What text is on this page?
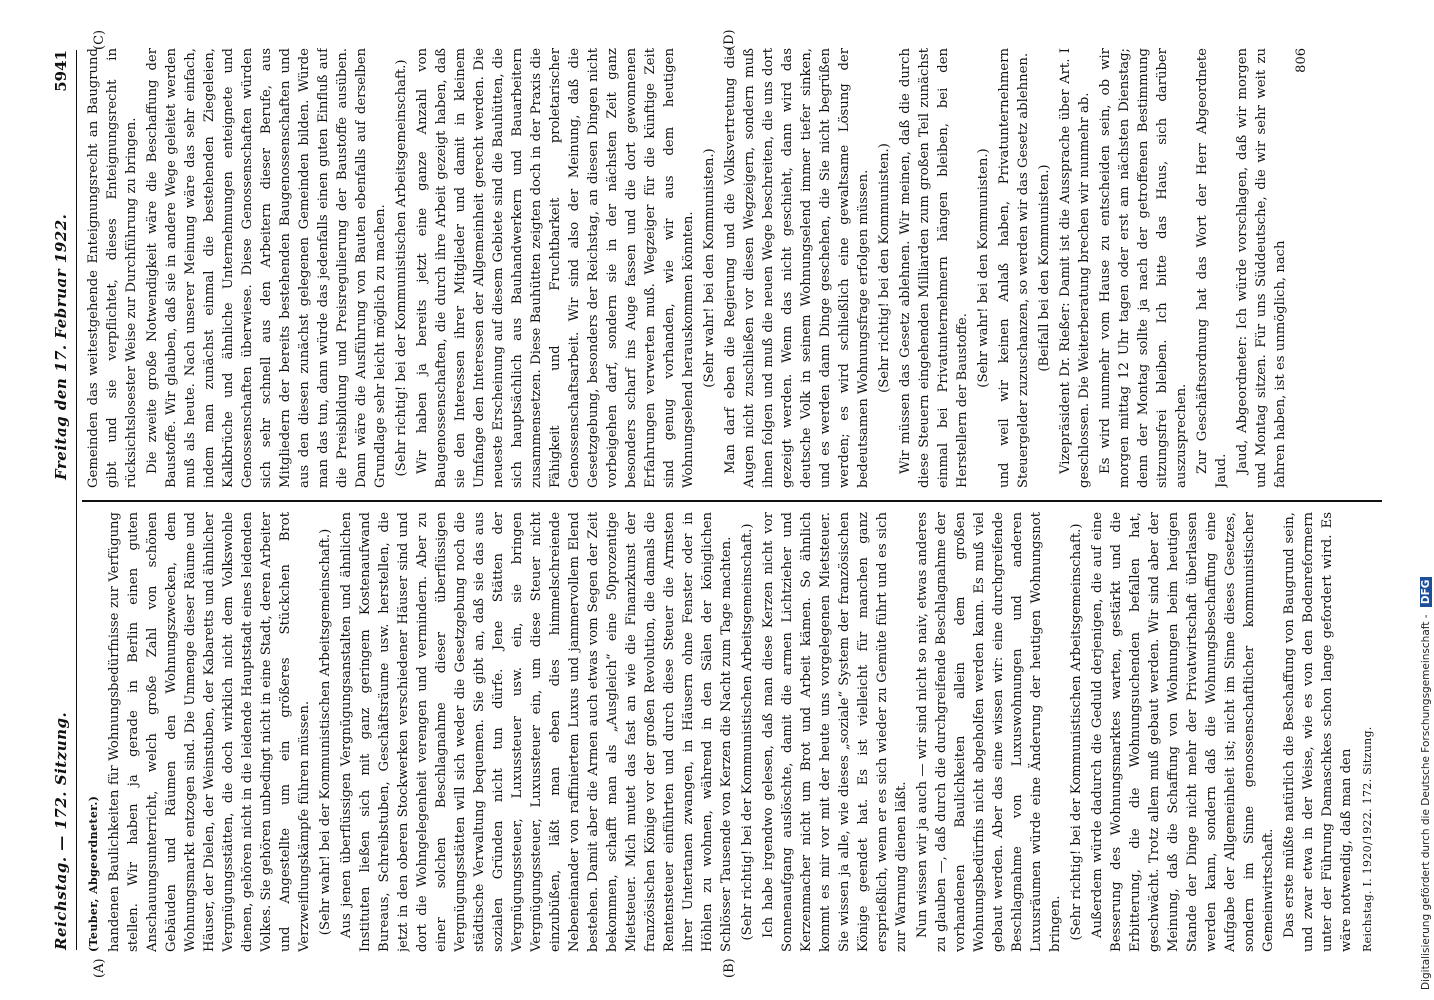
Reichstag. — 172. Sitzung.
Freitag den 17. Februar 1922.
5941
(A)	(B)
(C)	(D)

(Teuber, Abgeordneter.) handenen Baulichkeiten für Wohnungsbedürfnisse zur Verfügung stellen. Wir haben ja gerade in Berlin einen guten Anschauungsunterricht, welch große Zahl von schönen Gebäuden und Räumen den Wohnungszwecken, dem Wohnungsmarkt entzogen sind. Die Unmenge dieser Räume und Häuser, der Dielen, der Weinstuben, der Kabaretts und ähnlicher Vergnügungsstätten, die doch wirklich nicht dem Volkswohle dienen, gehören nicht in die leidende Hauptstadt eines leidenden Volkes. Sie gehören unbedingt nicht in eine Stadt, deren Arbeiter und Angestellte um ein größeres Stückchen Brot Verzweiflungskämpfe führen müssen. (Sehr wahr! bei der Kommunistischen Arbeitsgemeinschaft.) Aus jenen überflüssigen Vergnügungsanstalten und ähnlichen Instituten ließen sich mit ganz geringem Kostenaufwand Bureaus, Schreibstuben, Geschäftsräume usw. herstellen, die jetzt in den oberen Stockwerken verschiedener Häuser sind und dort die Wohngelegenheit verengen und vermindern. Aber zu einer solchen Beschlagnahme dieser überflüssigen Vergnügungsstätten will sich weder die Gesetzgebung noch die städtische Verwaltung bequemen. Sie gibt an, daß sie das aus sozialen Gründen nicht tun dürfe. Jene Stätten der Vergnügungssteuer, Luxussteuer usw. ein, sie bringen Vergnügungssteuer, Luxussteuer ein, um diese Steuer nicht einzubüßen, läßt man eben dies himmelschreiende Nebeneinander von raffiniertem Luxus und jammervollem Elend bestehen. Damit aber die Armen auch etwas vom Segen der Zeit bekommen, schafft man als „Ausgleich“ eine 50prozentige Mietsteuer. Mich mutet das fast an wie die Finanzkunst der französischen Könige vor der großen Revolution, die damals die Rentensteuer einführten und durch diese Steuer die Armsten ihrer Untertanen zwangen, in Häusern ohne Fenster oder in Höhlen zu wohnen, während in den Sälen der königlichen Schlösser Tausende von Kerzen die Nacht zum Tage machten. (Sehr richtig! bei der Kommunistischen Arbeitsgemeinschaft.) Ich habe irgendwo gelesen, daß man diese Kerzen nicht vor Sonnenaufgang auslöschte, damit die armen Lichtzieher und Kerzenmacher nicht um Brot und Arbeit kämen. So ähnlich kommt es mir vor mit der heute uns vorgelegenen Mietsteuer. Sie wissen ja alle, wie dieses „soziale“ System der französischen Könige geendet hat. Es ist vielleicht für manchen ganz ersprießlich, wenn er es sich wieder zu Gemüte führt und es sich zur Warnung dienen läßt. Nun wissen wir ja auch — wir sind nicht so naiv, etwas anderes zu glauben —, daß durch die durchgreifende Beschlagnahme der vorhandenen Baulichkeiten allein dem großen Wohnungsbedürfnis nicht abgeholfen werden kann. Es muß viel gebaut werden. Aber das eine wissen wir: eine durchgreifende Beschlagnahme von Luxuswohnungen und anderen Luxusräumen würde eine Änderung der heutigen Wohnungsnot bringen. (Sehr richtig! bei der Kommunistischen Arbeitsgemeinschaft.) Außerdem würde dadurch die Geduld derjenigen, die auf eine Besserung des Wohnungsmarktes warten, gestärkt und die Erbitterung, die die Wohnungsuchenden befallen hat, geschwächt. Trotz allem muß gebaut werden. Wir sind aber der Meinung, daß die Schaffung von Wohnungen beim heutigen Stande der Dinge nicht mehr der Privatwirtschaft überlassen werden kann, sondern daß die Wohnungsbeschaffung eine Aufgabe der Allgemeinheit ist; nicht im Sinne dieses Gesetzes, sondern im Sinne genossenschaftlicher kommunistischer Gemeinwirtschaft. Das erste müßte natürlich die Beschaffung von Baugrund sein, und zwar etwa in der Weise, wie es von den Bodenreformern unter der Führung Damaschkes schon lange gefordert wird. Es wäre notwendig, daß man den Reichstag. I. 1920/1922. 172. Sitzung.

Gemeinden das weitestgehende Enteignungsrecht an Baugrund gibt und sie verpflichtet, dieses Enteignungsrecht in rücksichtslosester Weise zur Durchführung zu bringen. Die zweite große Notwendigkeit wäre die Beschaffung der Baustoffe. Wir glauben, daß sie in andere Wege geleitet werden muß als heute. Nach unserer Meinung wäre das sehr einfach, indem man zunächst einmal die bestehenden Ziegeleien, Kalkbrüche und ähnliche Unternehmungen enteignete und Genossenschaften überwiese. Diese Genossenschaften würden sich sehr schnell aus den Arbeitern dieser Berufe, aus Mitgliedern der bereits bestehenden Baugenossenschaften und aus den diesen zunächst gelegenen Gemeinden bilden. Würde man das tun, dann würde das jedenfalls einen guten Einfluß auf die Preisbildung und Preisregulierung der Baustoffe ausüben. Dann wäre die Ausführung von Bauten ebenfalls auf derselben Grundlage sehr leicht möglich zu machen. (Sehr richtig! bei der Kommunistischen Arbeitsgemeinschaft.) Wir haben ja bereits jetzt eine ganze Anzahl von Baugenossenschaften, die durch ihre Arbeit gezeigt haben, daß sie den Interessen ihrer Mitglieder und damit in kleinem Umfange den Interessen der Allgemeinheit gerecht werden. Die neueste Erscheinung auf diesem Gebiete sind die Bauhütten, die sich hauptsächlich aus Bauhandwerkern und Bauarbeitern zusammensetzen. Diese Bauhütten zeigten doch in der Praxis die Fähigkeit und Fruchtbarkeit proletarischer Genossenschaftsarbeit. Wir sind also der Meinung, daß die Gesetzgebung, besonders der Reichstag, an diesen Dingen nicht vorbeigehen darf, sondern sie in der nächsten Zeit ganz besonders scharf ins Auge fassen und die dort gewonnenen Erfahrungen verwerten muß. Wegzeiger für die künftige Zeit sind genug vorhanden, wie wir aus dem heutigen Wohnungselend herauskommen könnten. (Sehr wahr! bei den Kommunisten.) Man darf eben die Regierung und die Volksvertretung die Augen nicht zuschließen vor diesen Wegzeigern, sondern muß ihnen folgen und muß die neuen Wege beschreiten, die uns dort gezeigt werden. Wenn das nicht geschieht, dann wird das deutsche Volk in seinem Wohnungselend immer tiefer sinken, und es werden dann Dinge geschehen, die Sie nicht begrüßen werden; es wird schließlich eine gewaltsame Lösung der bedeutsamen Wohnungsfrage erfolgen müssen. (Sehr richtig! bei den Kommunisten.) Wir müssen das Gesetz ablehnen. Wir meinen, daß die durch diese Steuern eingehenden Milliarden zum großen Teil zunächst einmal bei Privatunternehmern hängen bleiben, bei den Herstellern der Baustoffe.

(Sehr wahr! bei den Kommunisten.) und weil wir keinen Anlaß haben, Privatunternehmern Steuergelder zuzuschanzen, so werden wir das Gesetz ablehnen. (Beifall bei den Kommunisten.) Vizepräsident Dr. Rießer: Damit ist die Aussprache über Art. I geschlossen. Die Weiterberatung brechen wir nunmehr ab. Es wird nunmehr vom Hause zu entscheiden sein, ob wir morgen mittag 12 Uhr tagen oder erst am nächsten Dienstag; denn der Montag sollte ja nach der getroffenen Bestimmung sitzungsfrei bleiben. Ich bitte das Haus, sich darüber auszusprechen. Zur Geschäftsordnung hat das Wort der Herr Abgeordnete Jaud. Jaud, Abgeordneter: Ich würde vorschlagen, daß wir morgen und Montag sitzen. Für uns Süddeutsche, die wir sehr weit zu fahren haben, ist es unmöglich, nach

806

Digitalisierung gefördert durch die Deutsche Forschungsgemeinschaft - DFG
